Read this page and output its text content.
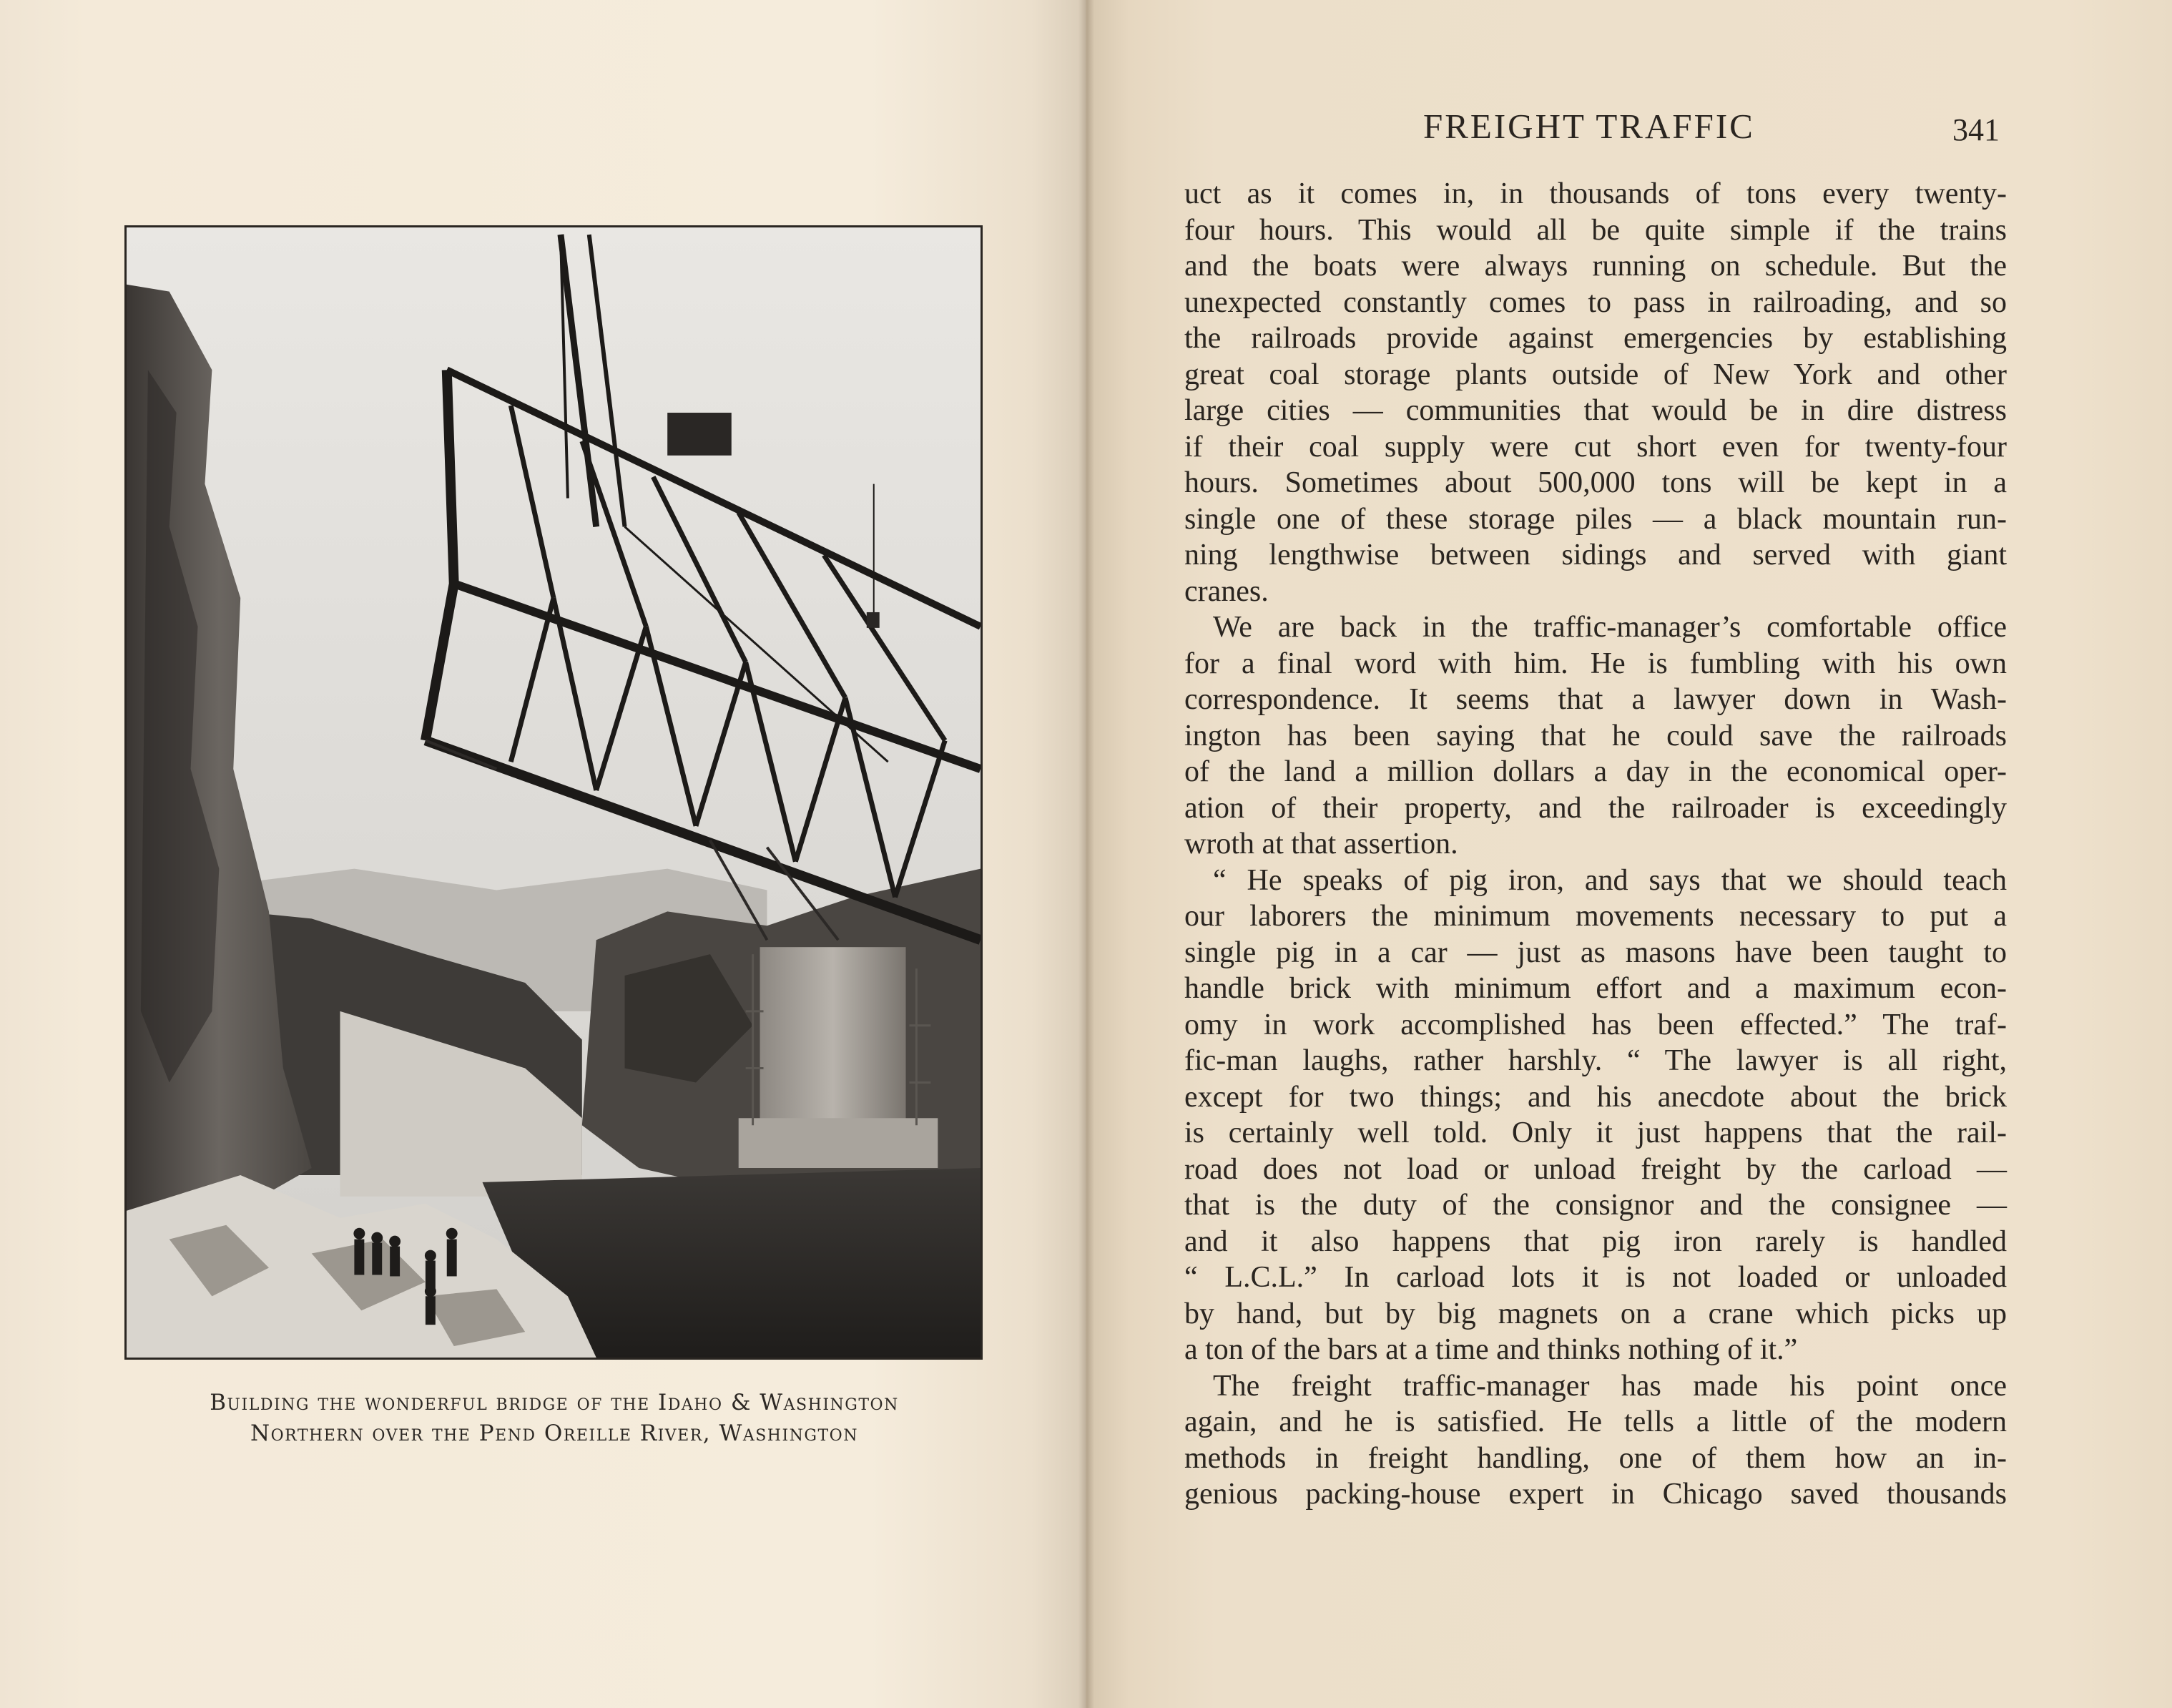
Building the wonderful bridge of the Idaho & Washington
Northern over the Pend Oreille River, Washington
FREIGHT TRAFFIC	341
uct as it comes in, in thousands of tons every twenty-
four hours. This would all be quite simple if the trains
and the boats were always running on schedule. But the
unexpected constantly comes to pass in railroading, and so
the railroads provide against emergencies by establishing
great coal storage plants outside of New York and other
large cities — communities that would be in dire distress
if their coal supply were cut short even for twenty-four
hours. Sometimes about 500,000 tons will be kept in a
single one of these storage piles — a black mountain run-
ning lengthwise between sidings and served with giant
cranes.
We are back in the traffic-manager’s comfortable office
for a final word with him. He is fumbling with his own
correspondence. It seems that a lawyer down in Wash-
ington has been saying that he could save the railroads
of the land a million dollars a day in the economical oper-
ation of their property, and the railroader is exceedingly
wroth at that assertion.
“ He speaks of pig iron, and says that we should teach
our laborers the minimum movements necessary to put a
single pig in a car — just as masons have been taught to
handle brick with minimum effort and a maximum econ-
omy in work accomplished has been effected.” The traf-
fic-man laughs, rather harshly. “ The lawyer is all right,
except for two things; and his anecdote about the brick
is certainly well told. Only it just happens that the rail-
road does not load or unload freight by the carload —
that is the duty of the consignor and the consignee —
and it also happens that pig iron rarely is handled
“ L.C.L.” In carload lots it is not loaded or unloaded
by hand, but by big magnets on a crane which picks up
a ton of the bars at a time and thinks nothing of it.”
The freight traffic-manager has made his point once
again, and he is satisfied. He tells a little of the modern
methods in freight handling, one of them how an in-
genious packing-house expert in Chicago saved thousands
